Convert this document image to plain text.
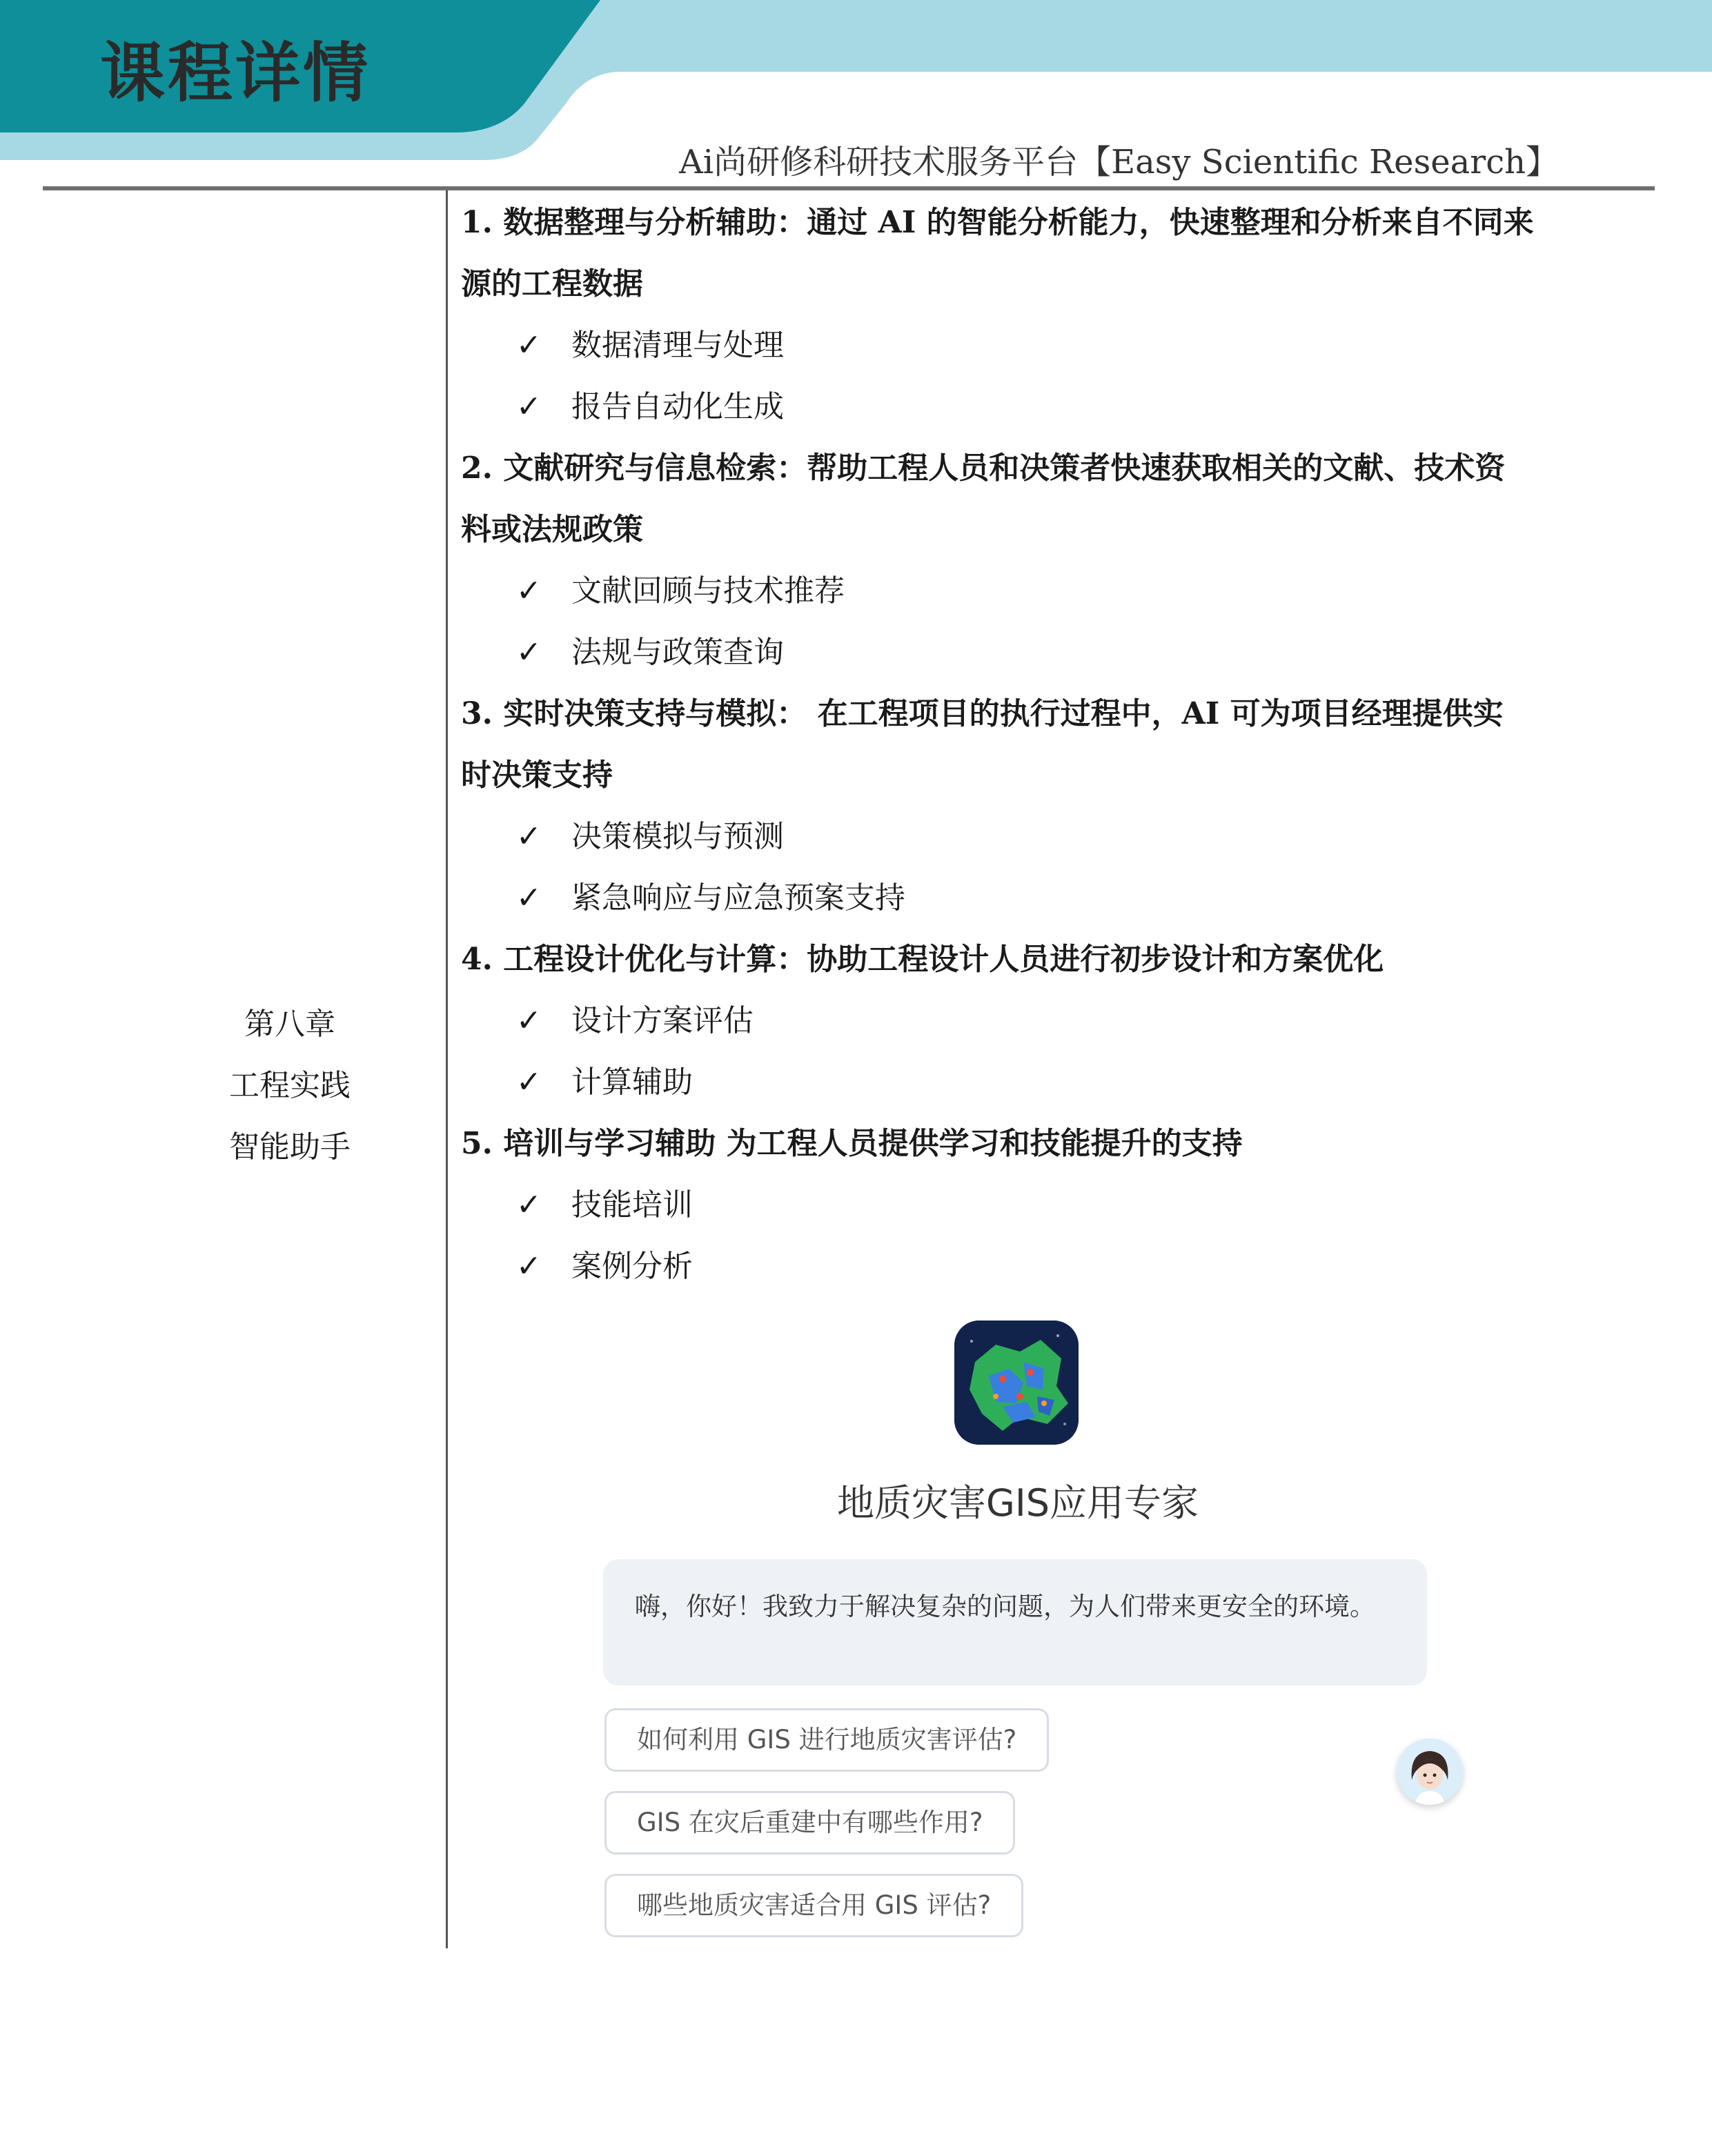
课程详情
Ai尚研修科研技术服务平台【Easy Scientific Research】
第八章
工程实践
智能助手
1. 数据整理与分析辅助：通过 AI 的智能分析能力，快速整理和分析来自不同来
源的工程数据
✓ 数据清理与处理
✓ 报告自动化生成
2. 文献研究与信息检索：帮助工程人员和决策者快速获取相关的文献、技术资
料或法规政策
✓ 文献回顾与技术推荐
✓ 法规与政策查询
3. 实时决策支持与模拟： 在工程项目的执行过程中，AI 可为项目经理提供实
时决策支持
✓ 决策模拟与预测
✓ 紧急响应与应急预案支持
4. 工程设计优化与计算：协助工程设计人员进行初步设计和方案优化
✓ 设计方案评估
✓ 计算辅助
5. 培训与学习辅助 为工程人员提供学习和技能提升的支持
✓ 技能培训
✓ 案例分析
地质灾害GIS应用专家
嗨，你好！我致力于解决复杂的问题，为人们带来更安全的环境。
如何利用 GIS 进行地质灾害评估?
GIS 在灾后重建中有哪些作用?
哪些地质灾害适合用 GIS 评估?
